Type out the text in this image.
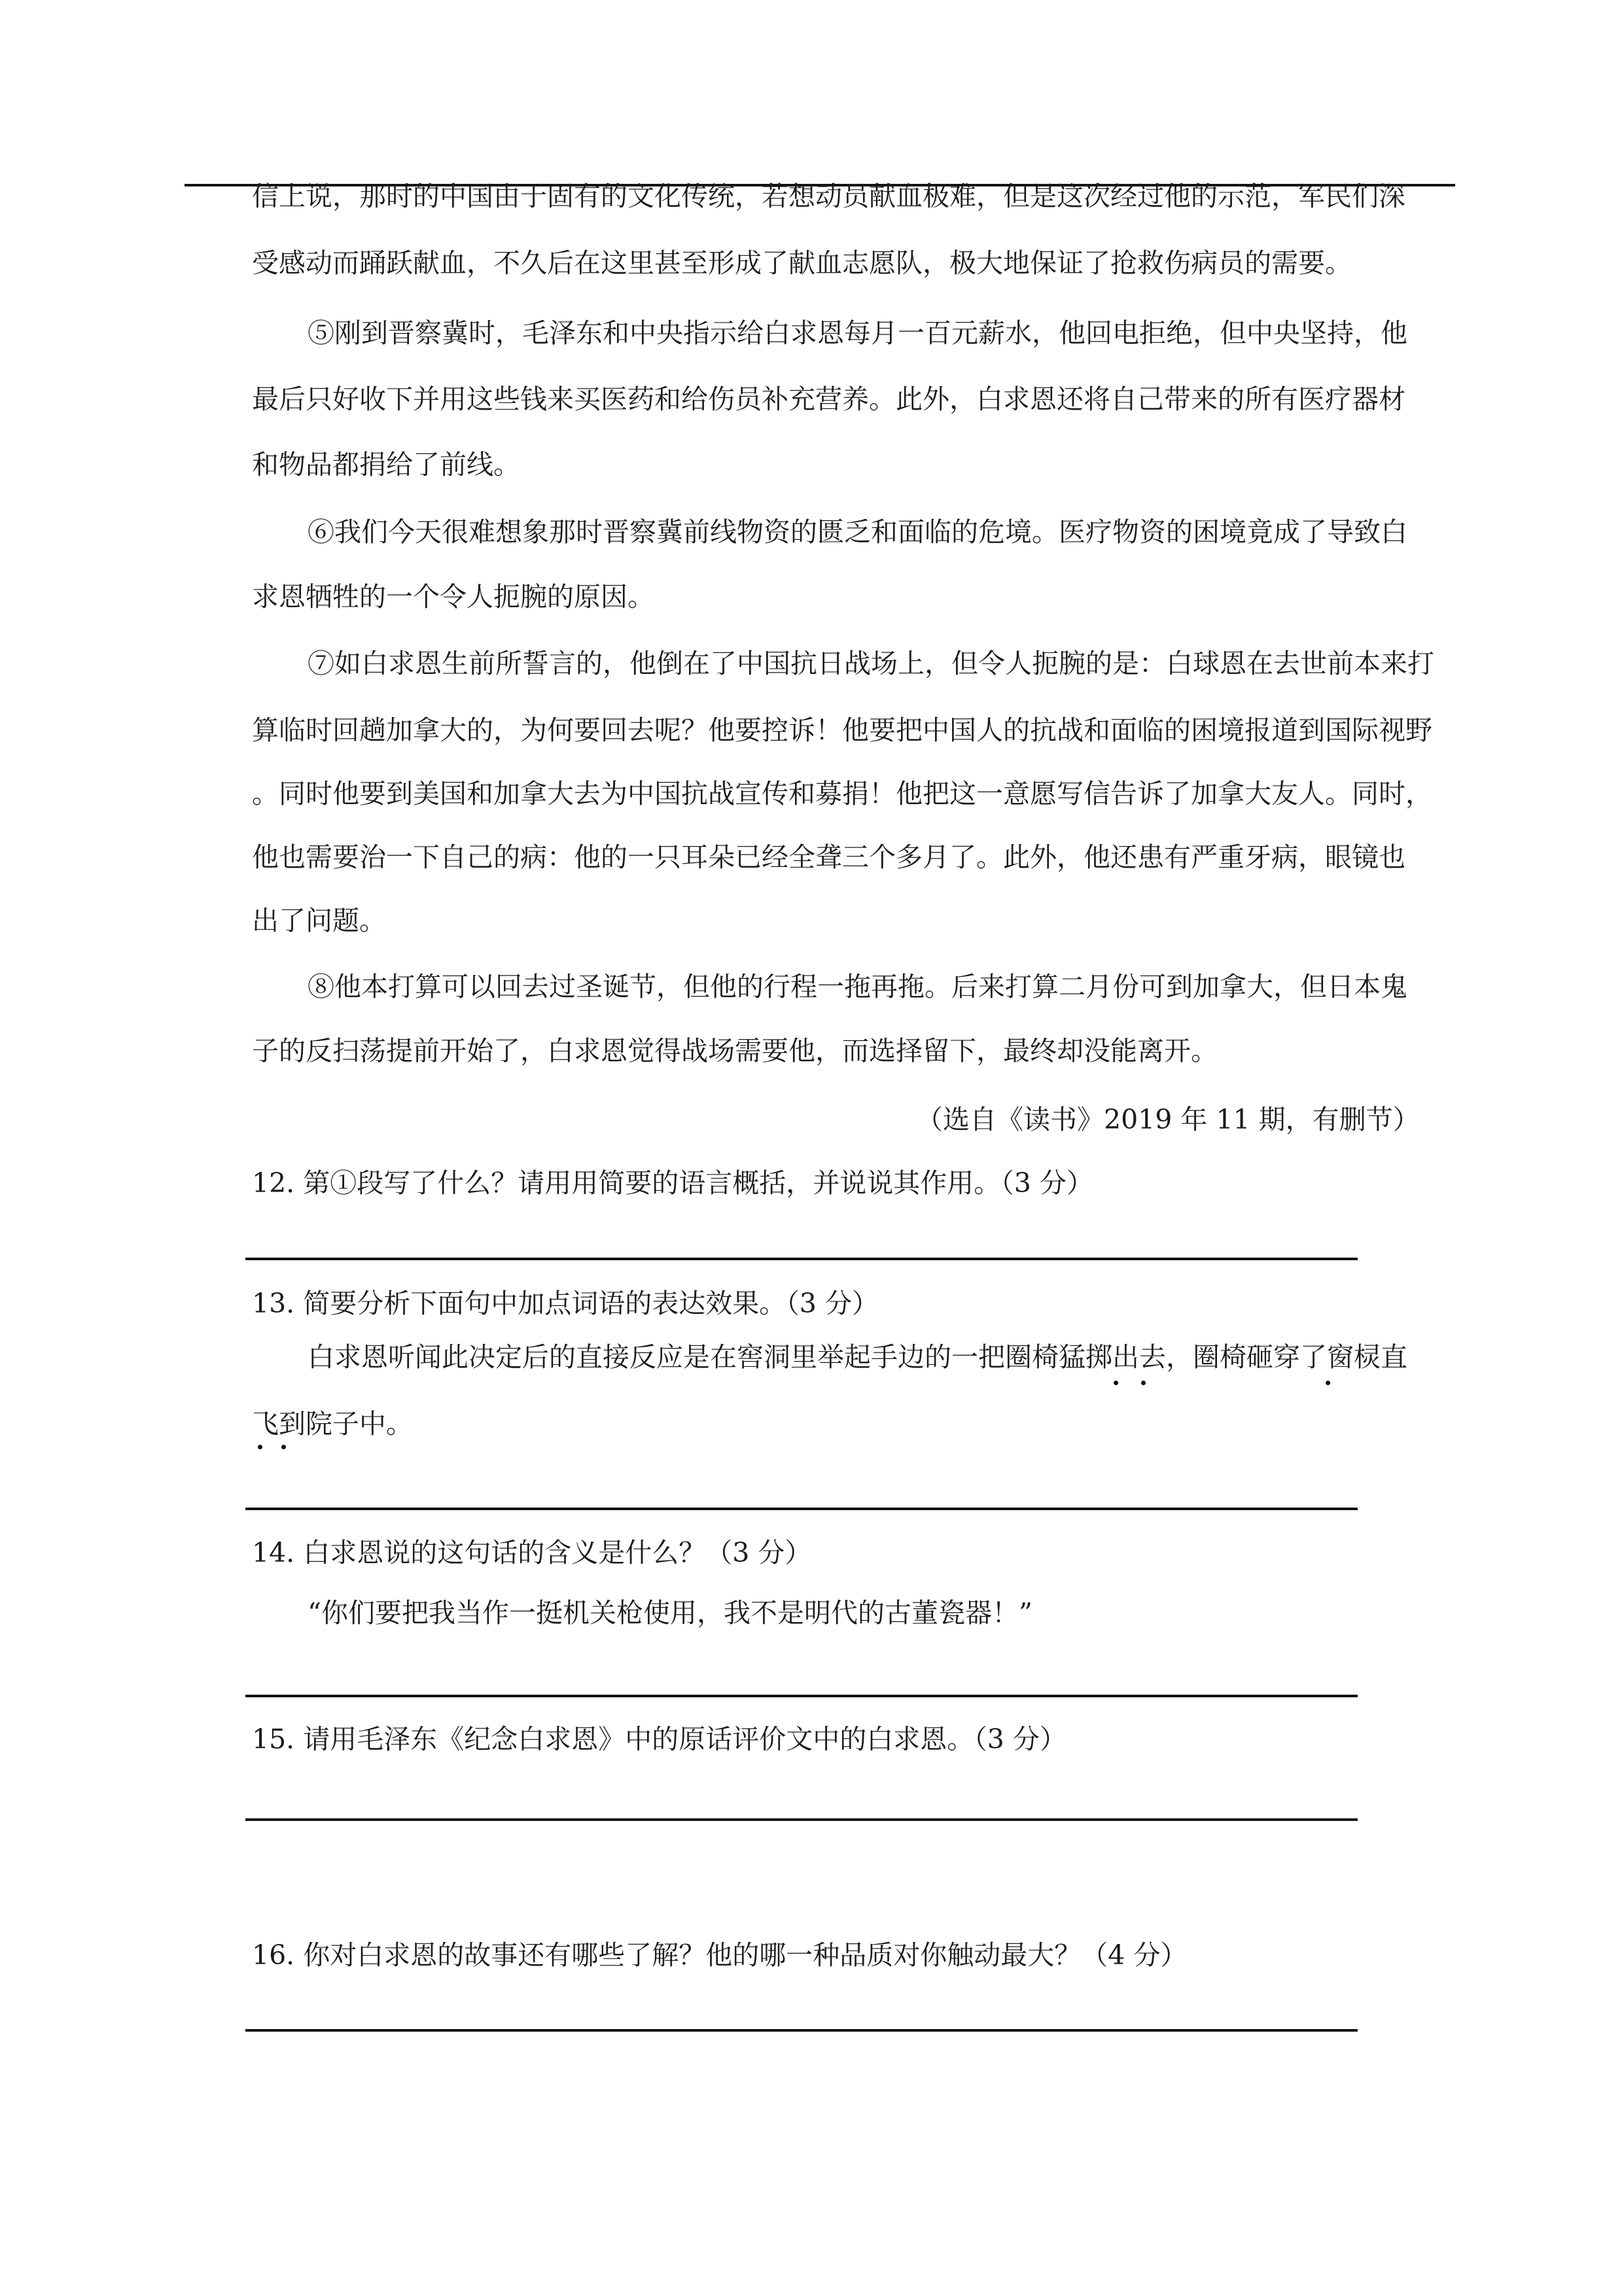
信上说，那时的中国由于固有的文化传统，若想动员献血极难，但是这次经过他的示范，军民们深
受感动而踊跃献血，不久后在这里甚至形成了献血志愿队，极大地保证了抢救伤病员的需要。
⑤刚到晋察冀时，毛泽东和中央指示给白求恩每月一百元薪水，他回电拒绝，但中央坚持，他
最后只好收下并用这些钱来买医药和给伤员补充营养。此外，白求恩还将自己带来的所有医疗器材
和物品都捐给了前线。
⑥我们今天很难想象那时晋察冀前线物资的匮乏和面临的危境。医疗物资的困境竟成了导致白
求恩牺牲的一个令人扼腕的原因。
⑦如白求恩生前所誓言的，他倒在了中国抗日战场上，但令人扼腕的是：白球恩在去世前本来打
算临时回趟加拿大的，为何要回去呢？他要控诉！他要把中国人的抗战和面临的困境报道到国际视野
。同时他要到美国和加拿大去为中国抗战宣传和募捐！他把这一意愿写信告诉了加拿大友人。同时，
他也需要治一下自己的病：他的一只耳朵已经全聋三个多月了。此外，他还患有严重牙病，眼镜也
出了问题。
⑧他本打算可以回去过圣诞节，但他的行程一拖再拖。后来打算二月份可到加拿大，但日本鬼
子的反扫荡提前开始了，白求恩觉得战场需要他，而选择留下，最终却没能离开。
（选自《读书》2019 年 11 期，有删节）
12. 第①段写了什么？请用用简要的语言概括，并说说其作用。（3 分）
13. 简要分析下面句中加点词语的表达效果。（3 分）
白求恩听闻此决定后的直接反应是在窖洞里举起手边的一把圈椅猛掷出去，圈椅砸穿了窗棂直
飞到院子中。
14. 白求恩说的这句话的含义是什么？（3 分）
“你们要把我当作一挺机关枪使用，我不是明代的古董瓷器！”
15. 请用毛泽东《纪念白求恩》中的原话评价文中的白求恩。（3 分）
16. 你对白求恩的故事还有哪些了解？他的哪一种品质对你触动最大？（4 分）
